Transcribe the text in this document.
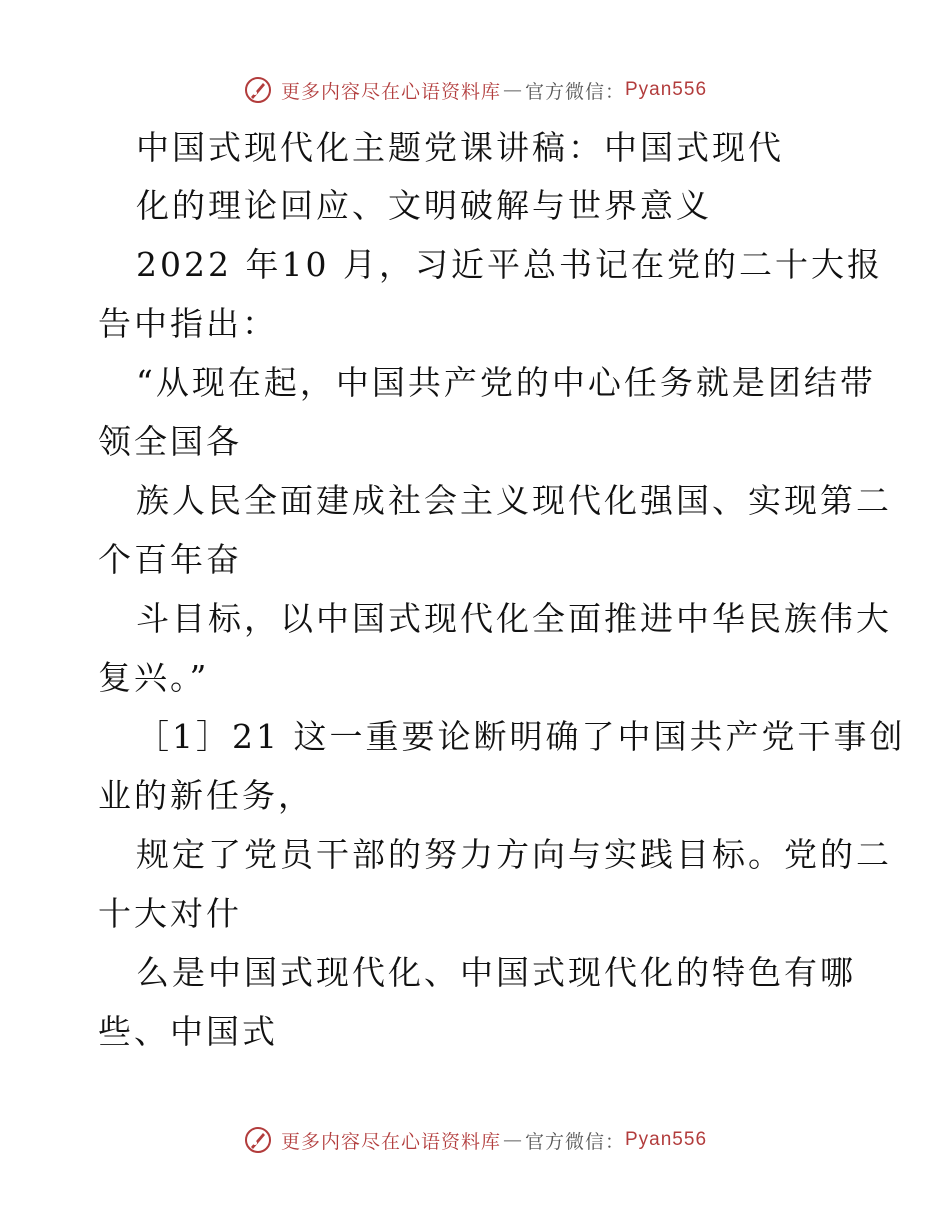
更多内容尽在心语资料库 — 官方微信： Pyan556
中国式现代化主题党课讲稿：中国式现代
化的理论回应、文明破解与世界意义
2022 年10 月，习近平总书记在党的二十大报
告中指出：
“从现在起，中国共产党的中心任务就是团结带
领全国各
族人民全面建成社会主义现代化强国、实现第二
个百年奋
斗目标，以中国式现代化全面推进中华民族伟大
复兴。”
［1］21 这一重要论断明确了中国共产党干事创
业的新任务，
规定了党员干部的努力方向与实践目标。党的二
十大对什
么是中国式现代化、中国式现代化的特色有哪
些、中国式
更多内容尽在心语资料库 — 官方微信： Pyan556
